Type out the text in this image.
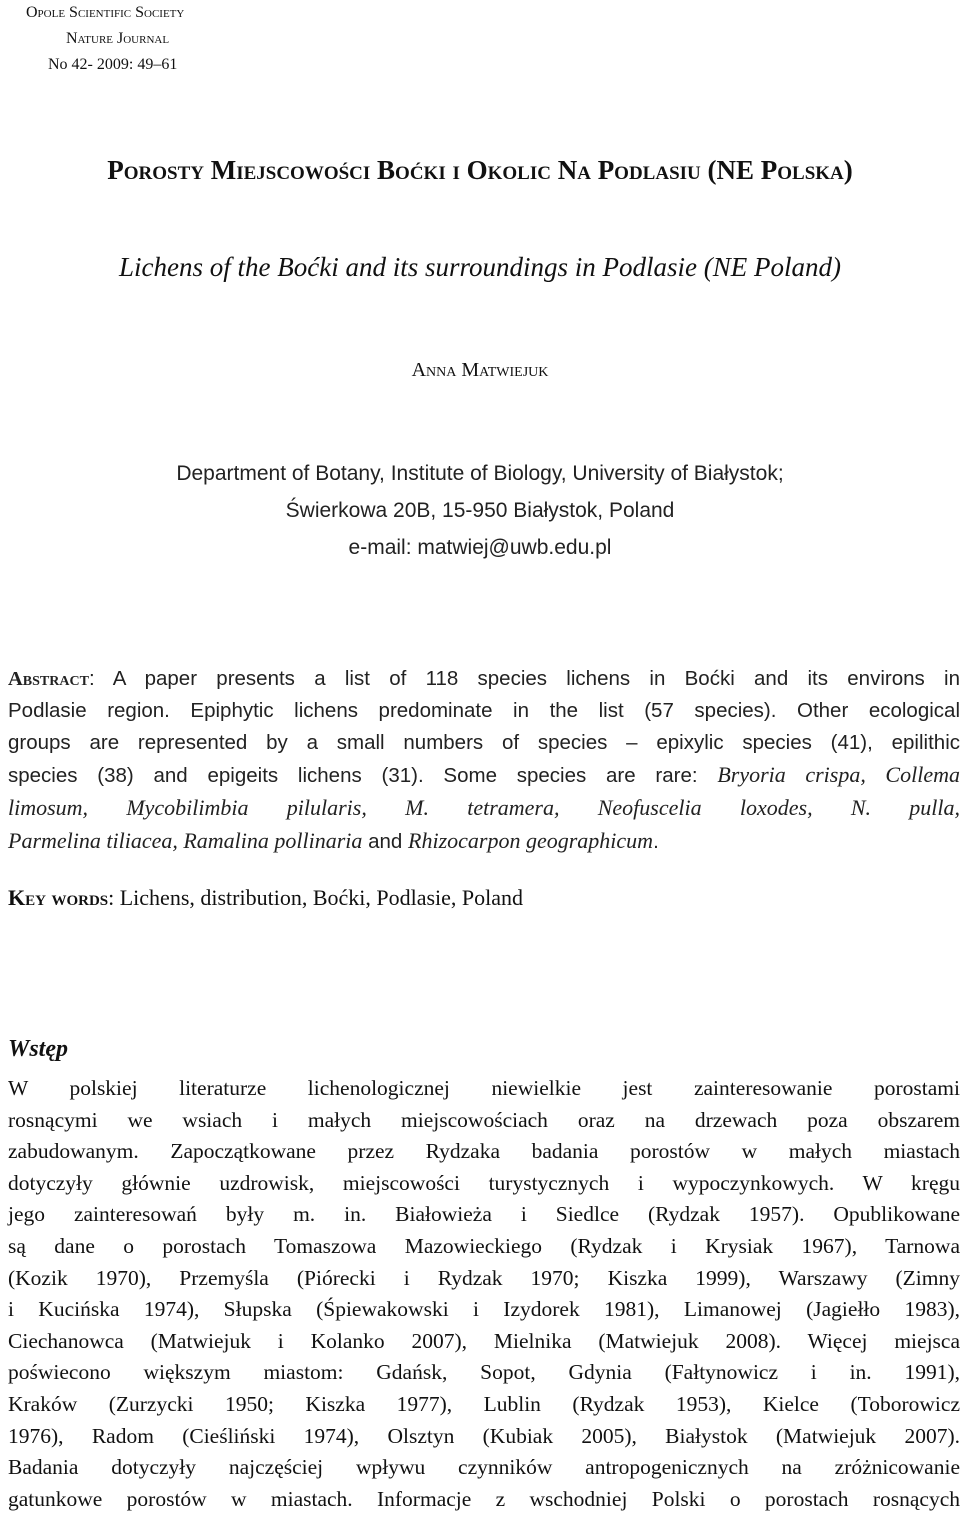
Opole Scientific Society
Nature Journal
No 42- 2009: 49–61
Porosty Miejscowości Boćki i Okolic Na Podlasiu (NE Polska)
Lichens of the Boćki and its surroundings in Podlasie (NE Poland)
Anna Matwiejuk
Department of Botany, Institute of Biology, University of Białystok;
Świerkowa 20B, 15-950 Białystok, Poland
e-mail: matwiej@uwb.edu.pl
Abstract: A paper presents a list of 118 species lichens in Boćki and its environs in
Podlasie region. Epiphytic lichens predominate in the list (57 species). Other ecological
groups are represented by a small numbers of species – epixylic species (41), epilithic
species (38) and epigeits lichens (31). Some species are rare: Bryoria crispa, Collema
limosum, Mycobilimbia pilularis, M. tetramera, Neofuscelia loxodes, N. pulla,
Parmelina tiliacea, Ramalina pollinaria and Rhizocarpon geographicum.
Key words: Lichens, distribution, Boćki, Podlasie, Poland
Wstęp
W polskiej literaturze lichenologicznej niewielkie jest zainteresowanie porostami
rosnącymi we wsiach i małych miejscowościach oraz na drzewach poza obszarem
zabudowanym. Zapoczątkowane przez Rydzaka badania porostów w małych miastach
dotyczyły głównie uzdrowisk, miejscowości turystycznych i wypoczynkowych. W kręgu
jego zainteresowań były m. in. Białowieża i Siedlce (Rydzak 1957). Opublikowane
są dane o porostach Tomaszowa Mazowieckiego (Rydzak i Krysiak 1967), Tarnowa
(Kozik 1970), Przemyśla (Piórecki i Rydzak 1970; Kiszka 1999), Warszawy (Zimny
i Kucińska 1974), Słupska (Śpiewakowski i Izydorek 1981), Limanowej (Jagiełło 1983),
Ciechanowca (Matwiejuk i Kolanko 2007), Mielnika (Matwiejuk 2008). Więcej miejsca
poświecono większym miastom: Gdańsk, Sopot, Gdynia (Fałtynowicz i in. 1991),
Kraków (Zurzycki 1950; Kiszka 1977), Lublin (Rydzak 1953), Kielce (Toborowicz
1976), Radom (Cieśliński 1974), Olsztyn (Kubiak 2005), Białystok (Matwiejuk 2007).
Badania dotyczyły najczęściej wpływu czynników antropogenicznych na zróżnicowanie
gatunkowe porostów w miastach. Informacje z wschodniej Polski o porostach rosnących
